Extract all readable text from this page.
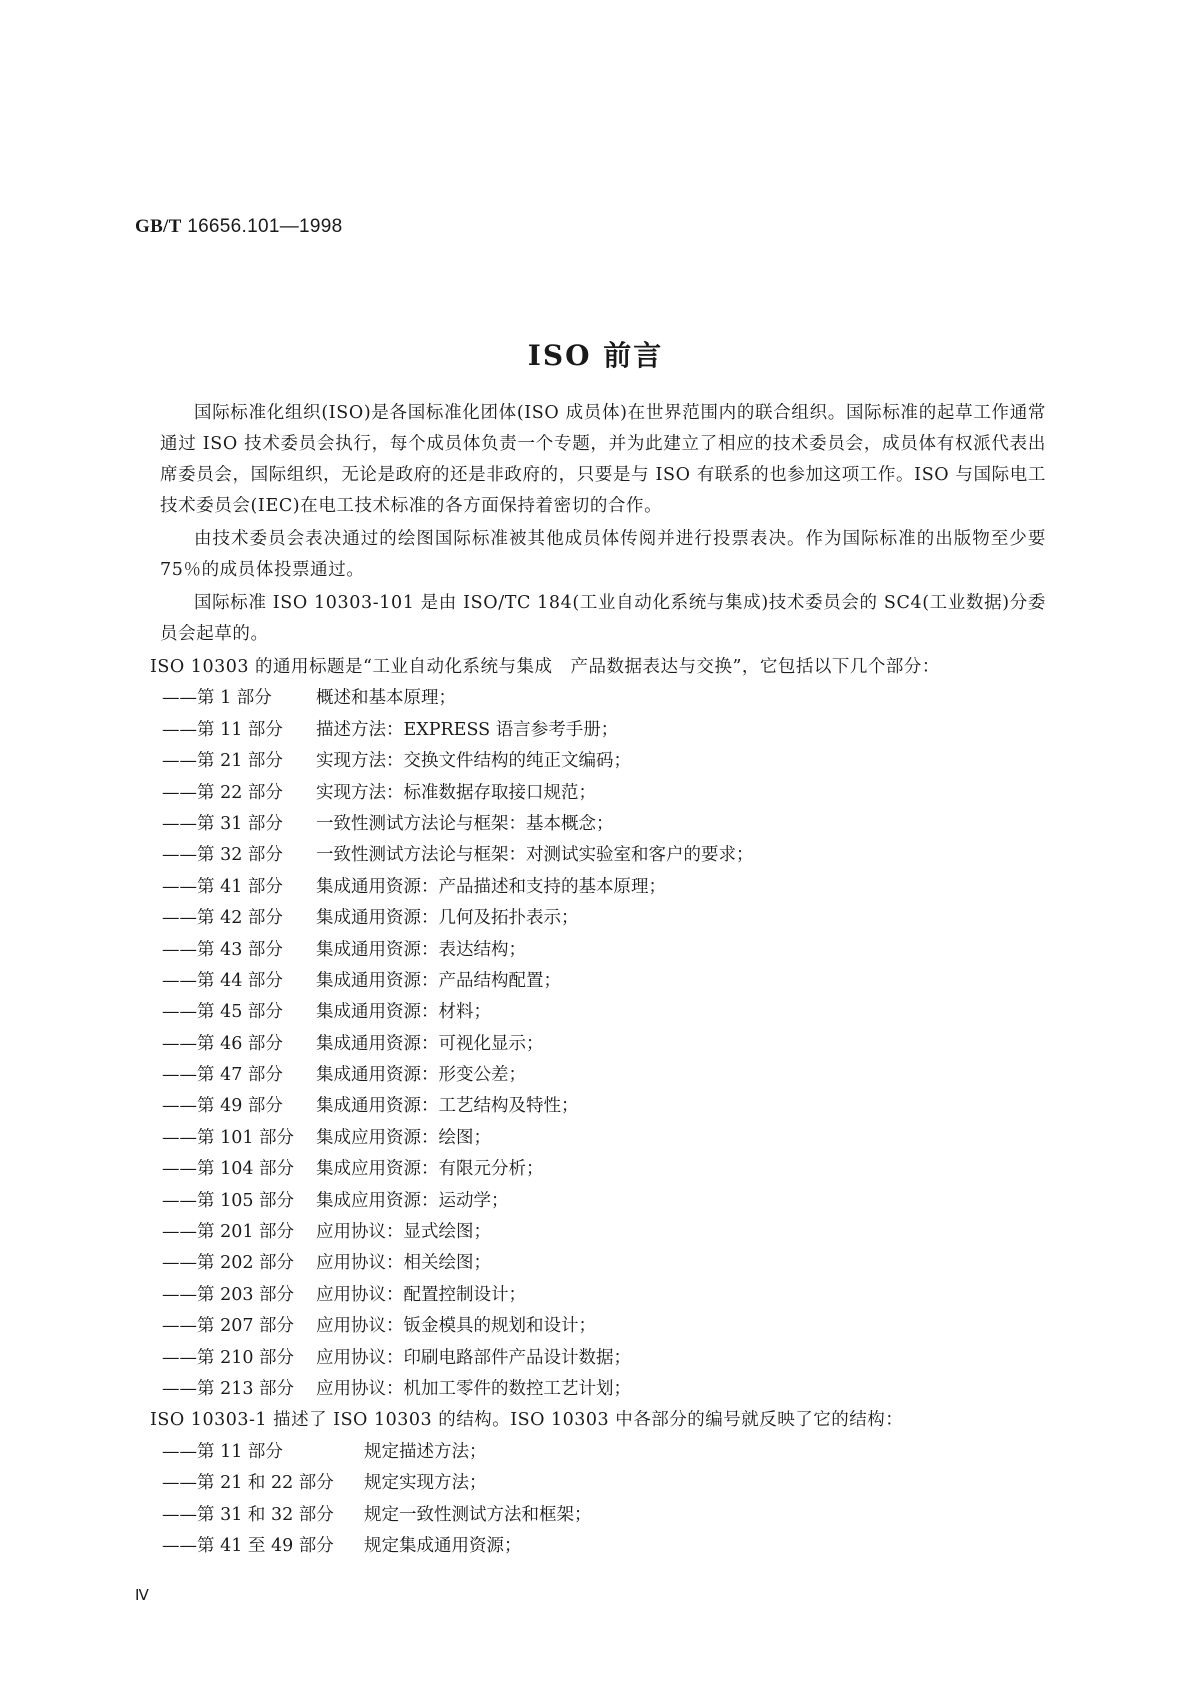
GB/T 16656.101—1998
ISO 前言

国际标准化组织(ISO)是各国标准化团体(ISO 成员体)在世界范围内的联合组织。国际标准的起草工作通常通过 ISO 技术委员会执行，每个成员体负责一个专题，并为此建立了相应的技术委员会，成员体有权派代表出席委员会，国际组织，无论是政府的还是非政府的，只要是与 ISO 有联系的也参加这项工作。ISO 与国际电工技术委员会(IEC)在电工技术标准的各方面保持着密切的合作。

由技术委员会表决通过的绘图国际标准被其他成员体传阅并进行投票表决。作为国际标准的出版物至少要 75％的成员体投票通过。

国际标准 ISO 10303-101 是由 ISO/TC 184(工业自动化系统与集成)技术委员会的 SC4(工业数据)分委员会起草的。

ISO 10303 的通用标题是“工业自动化系统与集成　产品数据表达与交换”，它包括以下几个部分：

——第 1 部分	概述和基本原理；
——第 11 部分 描述方法：EXPRESS 语言参考手册；
——第 21 部分 实现方法：交换文件结构的纯正文编码；
——第 22 部分 实现方法：标准数据存取接口规范；
——第 31 部分 一致性测试方法论与框架：基本概念；
——第 32 部分 一致性测试方法论与框架：对测试实验室和客户的要求；
——第 41 部分 集成通用资源：产品描述和支持的基本原理；
——第 42 部分 集成通用资源：几何及拓扑表示；
——第 43 部分 集成通用资源：表达结构；
——第 44 部分 集成通用资源：产品结构配置；
——第 45 部分 集成通用资源：材料；
——第 46 部分 集成通用资源：可视化显示；
——第 47 部分 集成通用资源：形变公差；
——第 49 部分 集成通用资源：工艺结构及特性；
——第 101 部分 集成应用资源：绘图；
——第 104 部分 集成应用资源：有限元分析；
——第 105 部分 集成应用资源：运动学；
——第 201 部分 应用协议：显式绘图；
——第 202 部分 应用协议：相关绘图；
——第 203 部分 应用协议：配置控制设计；
——第 207 部分 应用协议：钣金模具的规划和设计；
——第 210 部分 应用协议：印刷电路部件产品设计数据；
——第 213 部分 应用协议：机加工零件的数控工艺计划；

ISO 10303-1 描述了 ISO 10303 的结构。ISO 10303 中各部分的编号就反映了它的结构：

——第 11 部分	规定描述方法；
——第 21 和 22 部分 规定实现方法；
——第 31 和 32 部分 规定一致性测试方法和框架；
——第 41 至 49 部分 规定集成通用资源；
Ⅳ
